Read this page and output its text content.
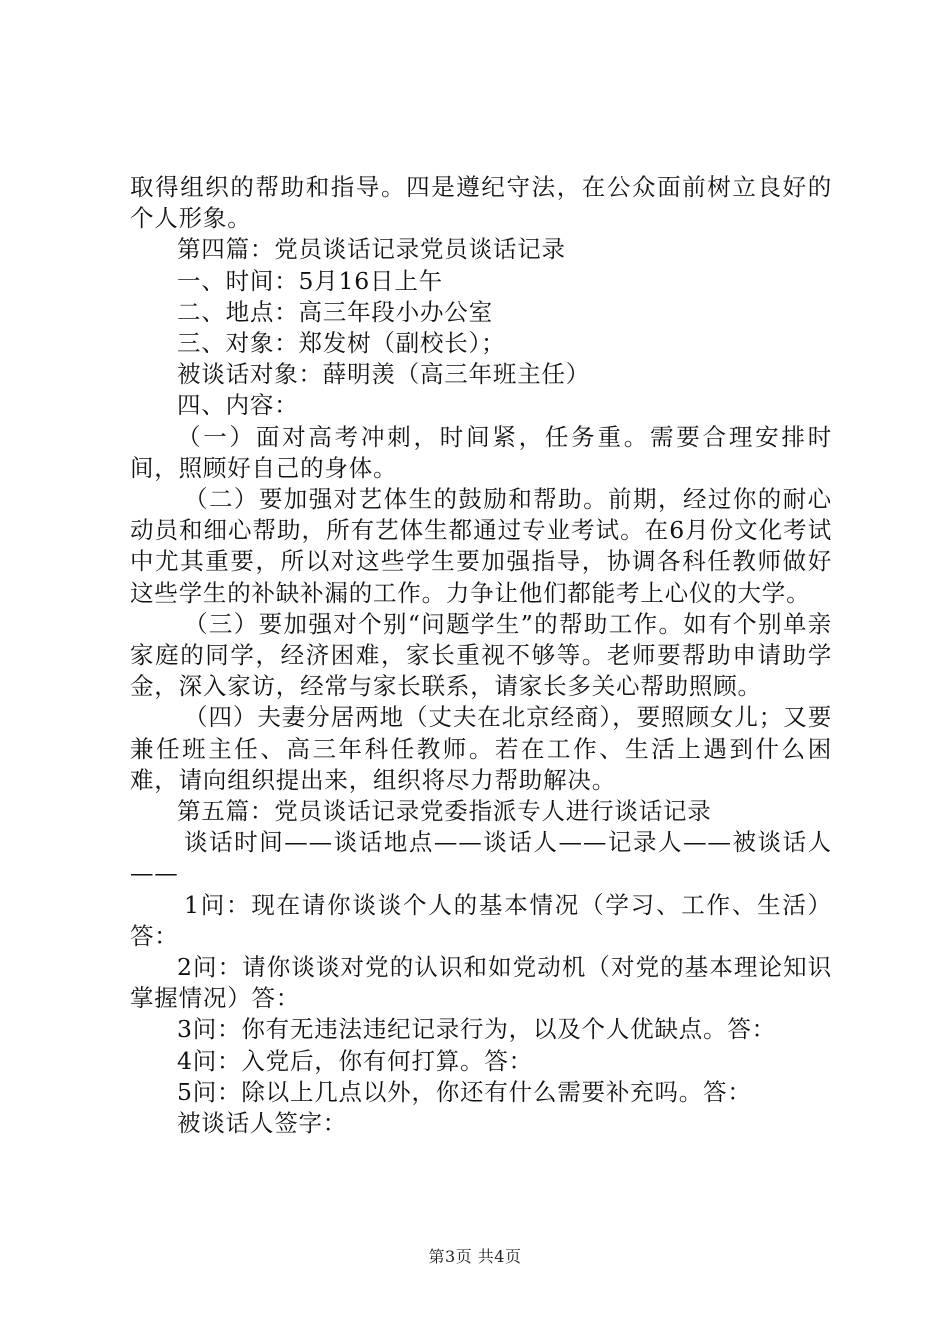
取得组织的帮助和指导。四是遵纪守法，在公众面前树立良好的个人形象。

第四篇：党员谈话记录党员谈话记录

一、时间：5月16日上午

二、地点：高三年段小办公室

三、对象：郑发树（副校长）；

被谈话对象：薛明羡（高三年班主任）

四、内容：

（一）面对高考冲刺，时间紧，任务重。需要合理安排时间，照顾好自己的身体。

（二）要加强对艺体生的鼓励和帮助。前期，经过你的耐心动员和细心帮助，所有艺体生都通过专业考试。在6月份文化考试中尤其重要，所以对这些学生要加强指导，协调各科任教师做好这些学生的补缺补漏的工作。力争让他们都能考上心仪的大学。

（三）要加强对个别“问题学生”的帮助工作。如有个别单亲家庭的同学，经济困难，家长重视不够等。老师要帮助申请助学金，深入家访，经常与家长联系，请家长多关心帮助照顾。

（四）夫妻分居两地（丈夫在北京经商），要照顾女儿；又要兼任班主任、高三年科任教师。若在工作、生活上遇到什么困难，请向组织提出来，组织将尽力帮助解决。

第五篇：党员谈话记录党委指派专人进行谈话记录

谈话时间——谈话地点——谈话人——记录人——被谈话人——

1问：现在请你谈谈个人的基本情况（学习、工作、生活）答：

2问：请你谈谈对党的认识和如党动机（对党的基本理论知识掌握情况）答：

3问：你有无违法违纪记录行为，以及个人优缺点。答：

4问：入党后，你有何打算。答：

5问：除以上几点以外，你还有什么需要补充吗。答：

被谈话人签字：

第3页 共4页
